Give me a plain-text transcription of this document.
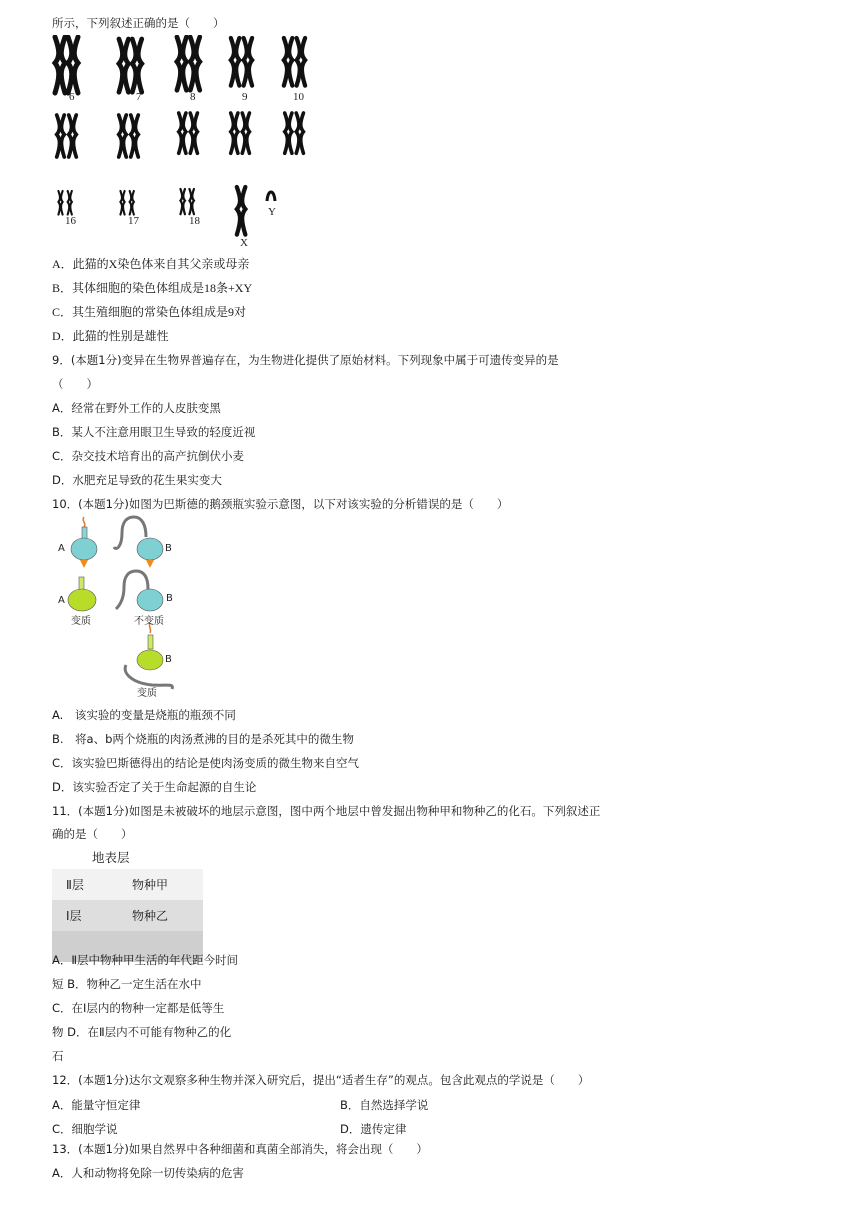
所示，下列叙述正确的是（　　）
6	7	8	9	10
16	17	18
X
Y
A．此猫的X染色体来自其父亲或母亲
B．其体细胞的染色体组成是18条+XY
C．其生殖细胞的常染色体组成是9对
D．此猫的性别是雄性
9．(本题1分)变异在生物界普遍存在，为生物进化提供了原始材料。下列现象中属于可遗传变异的是
（　　）
A．经常在野外工作的人皮肤变黑
B．某人不注意用眼卫生导致的轻度近视
C．杂交技术培育出的高产抗倒伏小麦
D．水肥充足导致的花生果实变大
10．(本题1分)如图为巴斯德的鹅颈瓶实验示意图，以下对该实验的分析错误的是（　　）
A	B
A	B
变质	不变质
B
变质
A.　该实验的变量是烧瓶的瓶颈不同
B.　将a、b两个烧瓶的肉汤煮沸的目的是杀死其中的微生物
C．该实验巴斯德得出的结论是使肉汤变质的微生物来自空气
D．该实验否定了关于生命起源的自生论
11．(本题1分)如图是未被破坏的地层示意图，图中两个地层中曾发掘出物种甲和物种乙的化石。下列叙述正
确的是（　　）
地表层
Ⅱ层	物种甲
Ⅰ层	物种乙

A．Ⅱ层中物种甲生活的年代距今时间
短 B．物种乙一定生活在水中
C．在Ⅰ层内的物种一定都是低等生
物 D．在Ⅱ层内不可能有物种乙的化
石
12．(本题1分)达尔文观察多种生物并深入研究后，提出“适者生存”的观点。包含此观点的学说是（　　）
A．能量守恒定律	B．自然选择学说
C．细胞学说	D．遗传定律
13．(本题1分)如果自然界中各种细菌和真菌全部消失，将会出现（　　）
A．人和动物将免除一切传染病的危害
